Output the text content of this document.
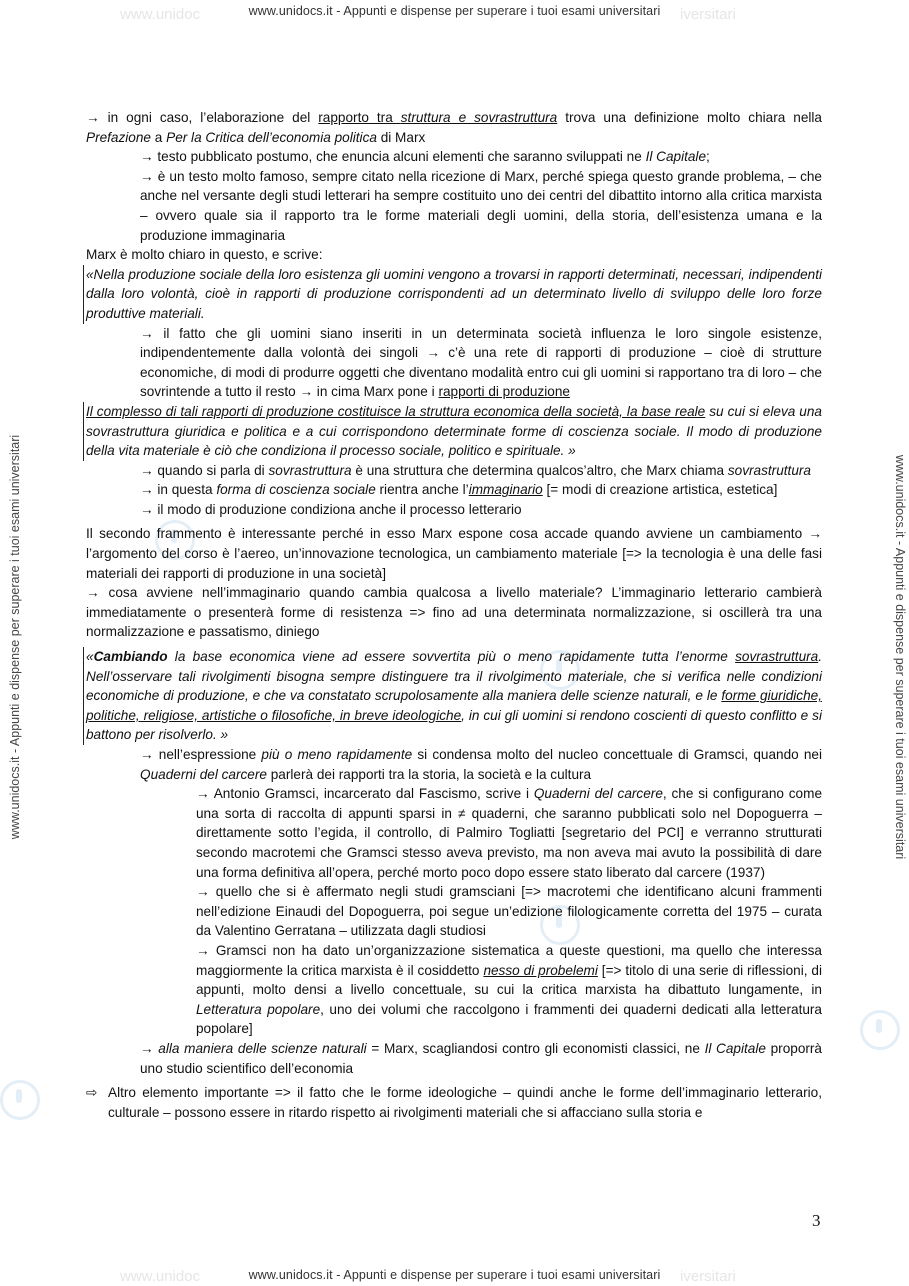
www.unidoc	iversitari
www.unidocs.it - Appunti e dispense per superare i tuoi esami universitari
www.unidoc	iversitari
www.unidocs.it - Appunti e dispense per superare i tuoi esami universitari
www.unidocs.it - Appunti e dispense per superare i tuoi esami universitari	www.unidocs.it - Appunti e dispense per superare i tuoi esami universitari

→ in ogni caso, l’elaborazione del rapporto tra struttura e sovrastruttura trova una definizione molto chiara nella Prefazione a Per la Critica dell’economia politica di Marx

→ testo pubblicato postumo, che enuncia alcuni elementi che saranno sviluppati ne Il Capitale;

→ è un testo molto famoso, sempre citato nella ricezione di Marx, perché spiega questo grande problema, – che anche nel versante degli studi letterari ha sempre costituito uno dei centri del dibattito intorno alla critica marxista – ovvero quale sia il rapporto tra le forme materiali degli uomini, della storia, dell’esistenza umana e la produzione immaginaria

Marx è molto chiaro in questo, e scrive:

«Nella produzione sociale della loro esistenza gli uomini vengono a trovarsi in rapporti determinati, necessari, indipendenti dalla loro volontà, cioè in rapporti di produzione corrispondenti ad un determinato livello di sviluppo delle loro forze produttive materiali.

→ il fatto che gli uomini siano inseriti in un determinata società influenza le loro singole esistenze, indipendentemente dalla volontà dei singoli → c’è una rete di rapporti di produzione – cioè di strutture economiche, di modi di produrre oggetti che diventano modalità entro cui gli uomini si rapportano tra di loro – che sovrintende a tutto il resto → in cima Marx pone i rapporti di produzione

Il complesso di tali rapporti di produzione costituisce la struttura economica della società, la base reale su cui si eleva una sovrastruttura giuridica e politica e a cui corrispondono determinate forme di coscienza sociale. Il modo di produzione della vita materiale è ciò che condiziona il processo sociale, politico e spirituale. »

→ quando si parla di sovrastruttura è una struttura che determina qualcos’altro, che Marx chiama sovrastruttura

→ in questa forma di coscienza sociale rientra anche l’immaginario [= modi di creazione artistica, estetica]

→ il modo di produzione condiziona anche il processo letterario

Il secondo frammento è interessante perché in esso Marx espone cosa accade quando avviene un cambiamento → l’argomento del corso è l’aereo, un’innovazione tecnologica, un cambiamento materiale [=> la tecnologia è una delle fasi materiali dei rapporti di produzione in una società]

→ cosa avviene nell’immaginario quando cambia qualcosa a livello materiale? L’immaginario letterario cambierà immediatamente o presenterà forme di resistenza => fino ad una determinata normalizzazione, si oscillerà tra una normalizzazione e passatismo, diniego

«Cambiando la base economica viene ad essere sovvertita più o meno rapidamente tutta l’enorme sovrastruttura. Nell’osservare tali rivolgimenti bisogna sempre distinguere tra il rivolgimento materiale, che si verifica nelle condizioni economiche di produzione, e che va constatato scrupolosamente alla maniera delle scienze naturali, e le forme giuridiche, politiche, religiose, artistiche o filosofiche, in breve ideologiche, in cui gli uomini si rendono coscienti di questo conflitto e si battono per risolverlo. »

→ nell’espressione più o meno rapidamente si condensa molto del nucleo concettuale di Gramsci, quando nei Quaderni del carcere parlerà dei rapporti tra la storia, la società e la cultura

→ Antonio Gramsci, incarcerato dal Fascismo, scrive i Quaderni del carcere, che si configurano come una sorta di raccolta di appunti sparsi in ≠ quaderni, che saranno pubblicati solo nel Dopoguerra – direttamente sotto l’egida, il controllo, di Palmiro Togliatti [segretario del PCI] e verranno strutturati secondo macrotemi che Gramsci stesso aveva previsto, ma non aveva mai avuto la possibilità di dare una forma definitiva all’opera, perché morto poco dopo essere stato liberato dal carcere (1937)

→ quello che si è affermato negli studi gramsciani [=> macrotemi che identificano alcuni frammenti nell’edizione Einaudi del Dopoguerra, poi segue un’edizione filologicamente corretta del 1975 – curata da Valentino Gerratana – utilizzata dagli studiosi

→ Gramsci non ha dato un’organizzazione sistematica a queste questioni, ma quello che interessa maggiormente la critica marxista è il cosiddetto nesso di probelemi [=> titolo di una serie di riflessioni, di appunti, molto densi a livello concettuale, su cui la critica marxista ha dibattuto lungamente, in Letteratura popolare, uno dei volumi che raccolgono i frammenti dei quaderni dedicati alla letteratura popolare]

→ alla maniera delle scienze naturali = Marx, scagliandosi contro gli economisti classici, ne Il Capitale proporrà uno studio scientifico dell’economia

⇨ Altro elemento importante => il fatto che le forme ideologiche – quindi anche le forme dell’immaginario letterario, culturale – possono essere in ritardo rispetto ai rivolgimenti materiali che si affacciano sulla storia e

3
